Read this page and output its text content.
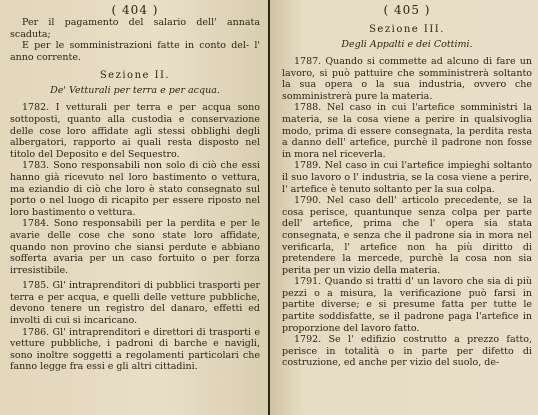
( 404 )

Per il pagamento del salario dell' annata scaduta;

E per le somministrazioni fatte in conto del- l' anno corrente.

Sezione II.
De' Vetturali per terra e per acqua.

1782. I vetturali per terra e per acqua sono sottoposti, quanto alla custodia e conservazione delle cose loro affidate agli stessi obblighi degli albergatori, rapporto ai quali resta disposto nel titolo del Deposito e del Sequestro.

1783. Sono responsabili non solo di ciò che essi hanno già ricevuto nel loro bastimento o vettura, ma eziandio di ciò che loro è stato consegnato sul porto o nel luogo di ricapito per essere riposto nel loro bastimento o vettura.

1784. Sono responsabili per la perdita e per le avarie delle cose che sono state loro affidate, quando non provino che siansi perdute e abbiano sofferta avaria per un caso fortuito o per forza irresistibile.

1785. Gl' intraprenditori di pubblici trasporti per terra e per acqua, e quelli delle vetture pubbliche, devono tenere un registro del danaro, effetti ed involti di cui si incaricano.

1786. Gl' intraprenditori e direttori di trasporti e vetture pubbliche, i padroni di barche e navigli, sono inoltre soggetti a regolamenti particolari che fanno legge fra essi e gli altri cittadini.

( 405 )
Sezione III.
Degli Appalti e dei Cottimi.

1787. Quando si commette ad alcuno di fare un lavoro, si può pattuire che somministrerà soltanto la sua opera o la sua industria, ovvero che somministrerà pure la materia.

1788. Nel caso in cui l'artefice somministri la materia, se la cosa viene a perire in qualsivoglia modo, prima di essere consegnata, la perdita resta a danno dell' artefice, purchè il padrone non fosse in mora nel riceverla.

1789. Nel caso in cui l'artefice impieghi soltanto il suo lavoro o l' industria, se la cosa viene a perire, l' artefice è tenuto soltanto per la sua colpa.

1790. Nel caso dell' articolo precedente, se la cosa perisce, quantunque senza colpa per parte dell' artefice, prima che l' opera sia stata consegnata, e senza che il padrone sia in mora nel verificarla, l' artefice non ha più diritto di pretendere la mercede, purchè la cosa non sia perita per un vizio della materia.

1791. Quando si tratti d' un lavoro che sia di più pezzi o a misura, la verificazione può farsi in partite diverse; e si presume fatta per tutte le partite soddisfatte, se il padrone paga l'artefice in proporzione del lavoro fatto.

1792. Se l' edifizio costrutto a prezzo fatto, perisce in totalità o in parte per difetto di costruzione, ed anche per vizio del suolo, de-
